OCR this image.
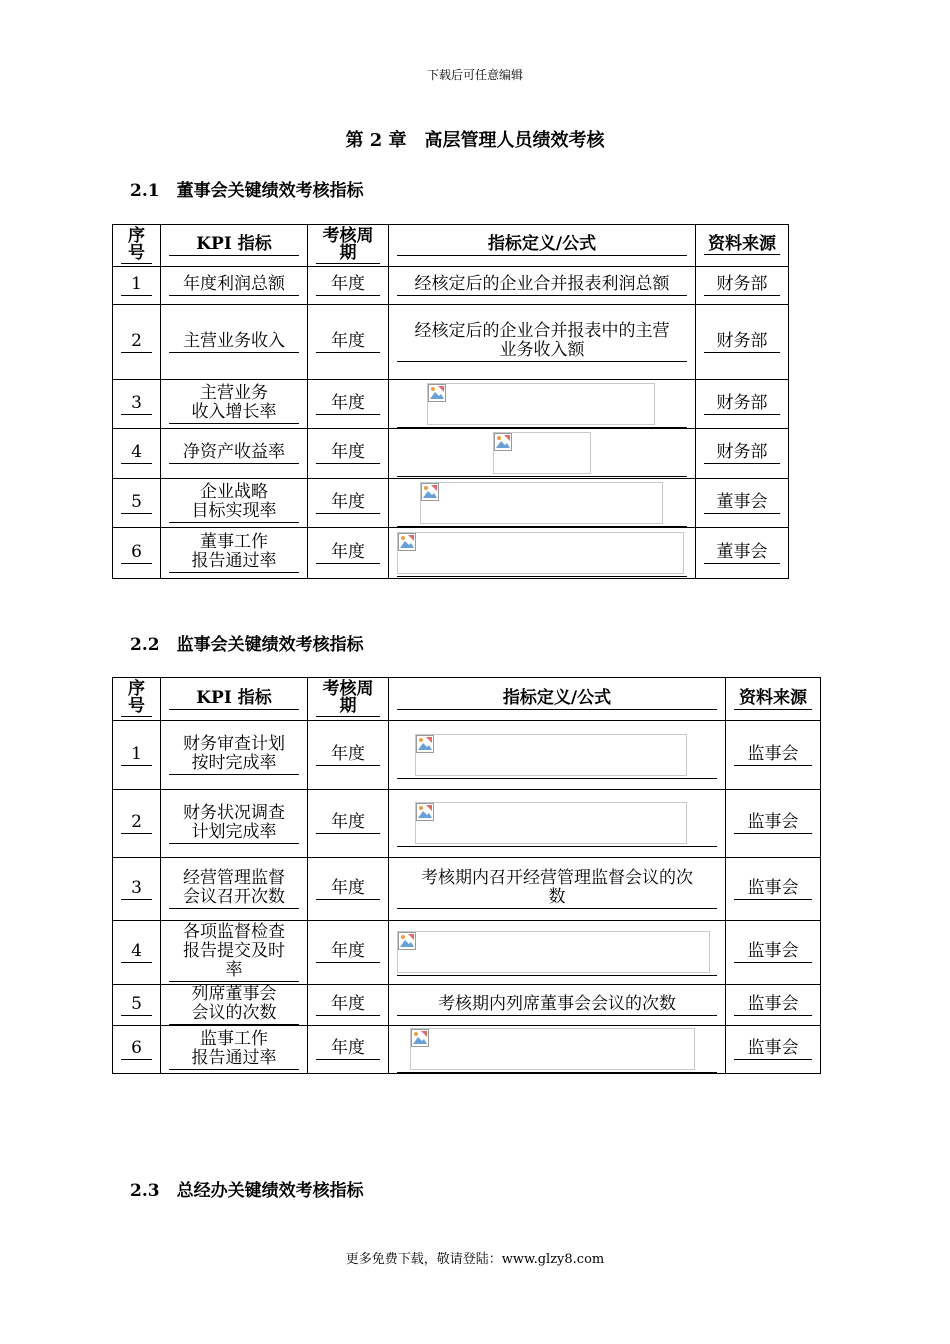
下载后可任意编辑
第 2 章　高层管理人员绩效考核
2.1　董事会关键绩效考核指标
序号	KPI 指标	考核周期	指标定义/公式	资料来源

1	年度利润总额	年度	经核定后的企业合并报表利润总额	财务部

2	主营业务收入	年度	经核定后的企业合并报表中的主营
业务收入额	财务部

3	主营业务
收入增长率	年度		财务部

4	净资产收益率	年度		财务部

5	企业战略
目标实现率	年度		董事会

6	董事工作
报告通过率	年度		董事会
2.2　监事会关键绩效考核指标
序号	KPI 指标	考核周期	指标定义/公式	资料来源

1	财务审查计划
按时完成率	年度		监事会

2	财务状况调查
计划完成率	年度		监事会

3	经营管理监督
会议召开次数	年度	考核期内召开经营管理监督会议的次
数	监事会

4	各项监督检查
报告提交及时
率	年度		监事会

5	列席董事会
会议的次数	年度	考核期内列席董事会会议的次数	监事会

6	监事工作
报告通过率	年度		监事会
2.3　总经办关键绩效考核指标
更多免费下载，敬请登陆：www.glzy8.com
